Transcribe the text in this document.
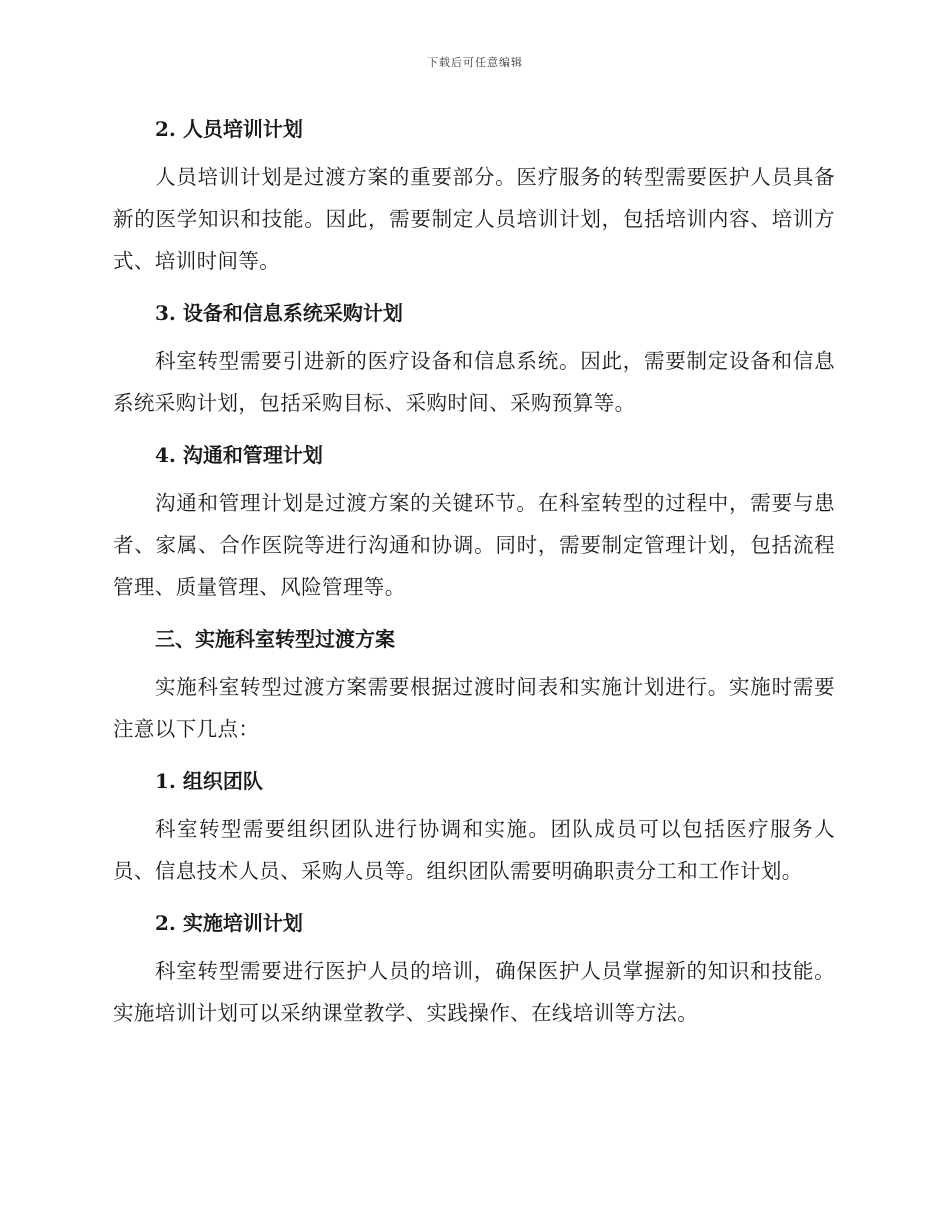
下载后可任意编辑
2. 人员培训计划

人员培训计划是过渡方案的重要部分。医疗服务的转型需要医护人员具备新的医学知识和技能。因此，需要制定人员培训计划，包括培训内容、培训方式、培训时间等。

3. 设备和信息系统采购计划

科室转型需要引进新的医疗设备和信息系统。因此，需要制定设备和信息系统采购计划，包括采购目标、采购时间、采购预算等。

4. 沟通和管理计划

沟通和管理计划是过渡方案的关键环节。在科室转型的过程中，需要与患者、家属、合作医院等进行沟通和协调。同时，需要制定管理计划，包括流程管理、质量管理、风险管理等。

三、实施科室转型过渡方案

实施科室转型过渡方案需要根据过渡时间表和实施计划进行。实施时需要注意以下几点：

1. 组织团队

科室转型需要组织团队进行协调和实施。团队成员可以包括医疗服务人员、信息技术人员、采购人员等。组织团队需要明确职责分工和工作计划。

2. 实施培训计划

科室转型需要进行医护人员的培训，确保医护人员掌握新的知识和技能。实施培训计划可以采纳课堂教学、实践操作、在线培训等方法。
